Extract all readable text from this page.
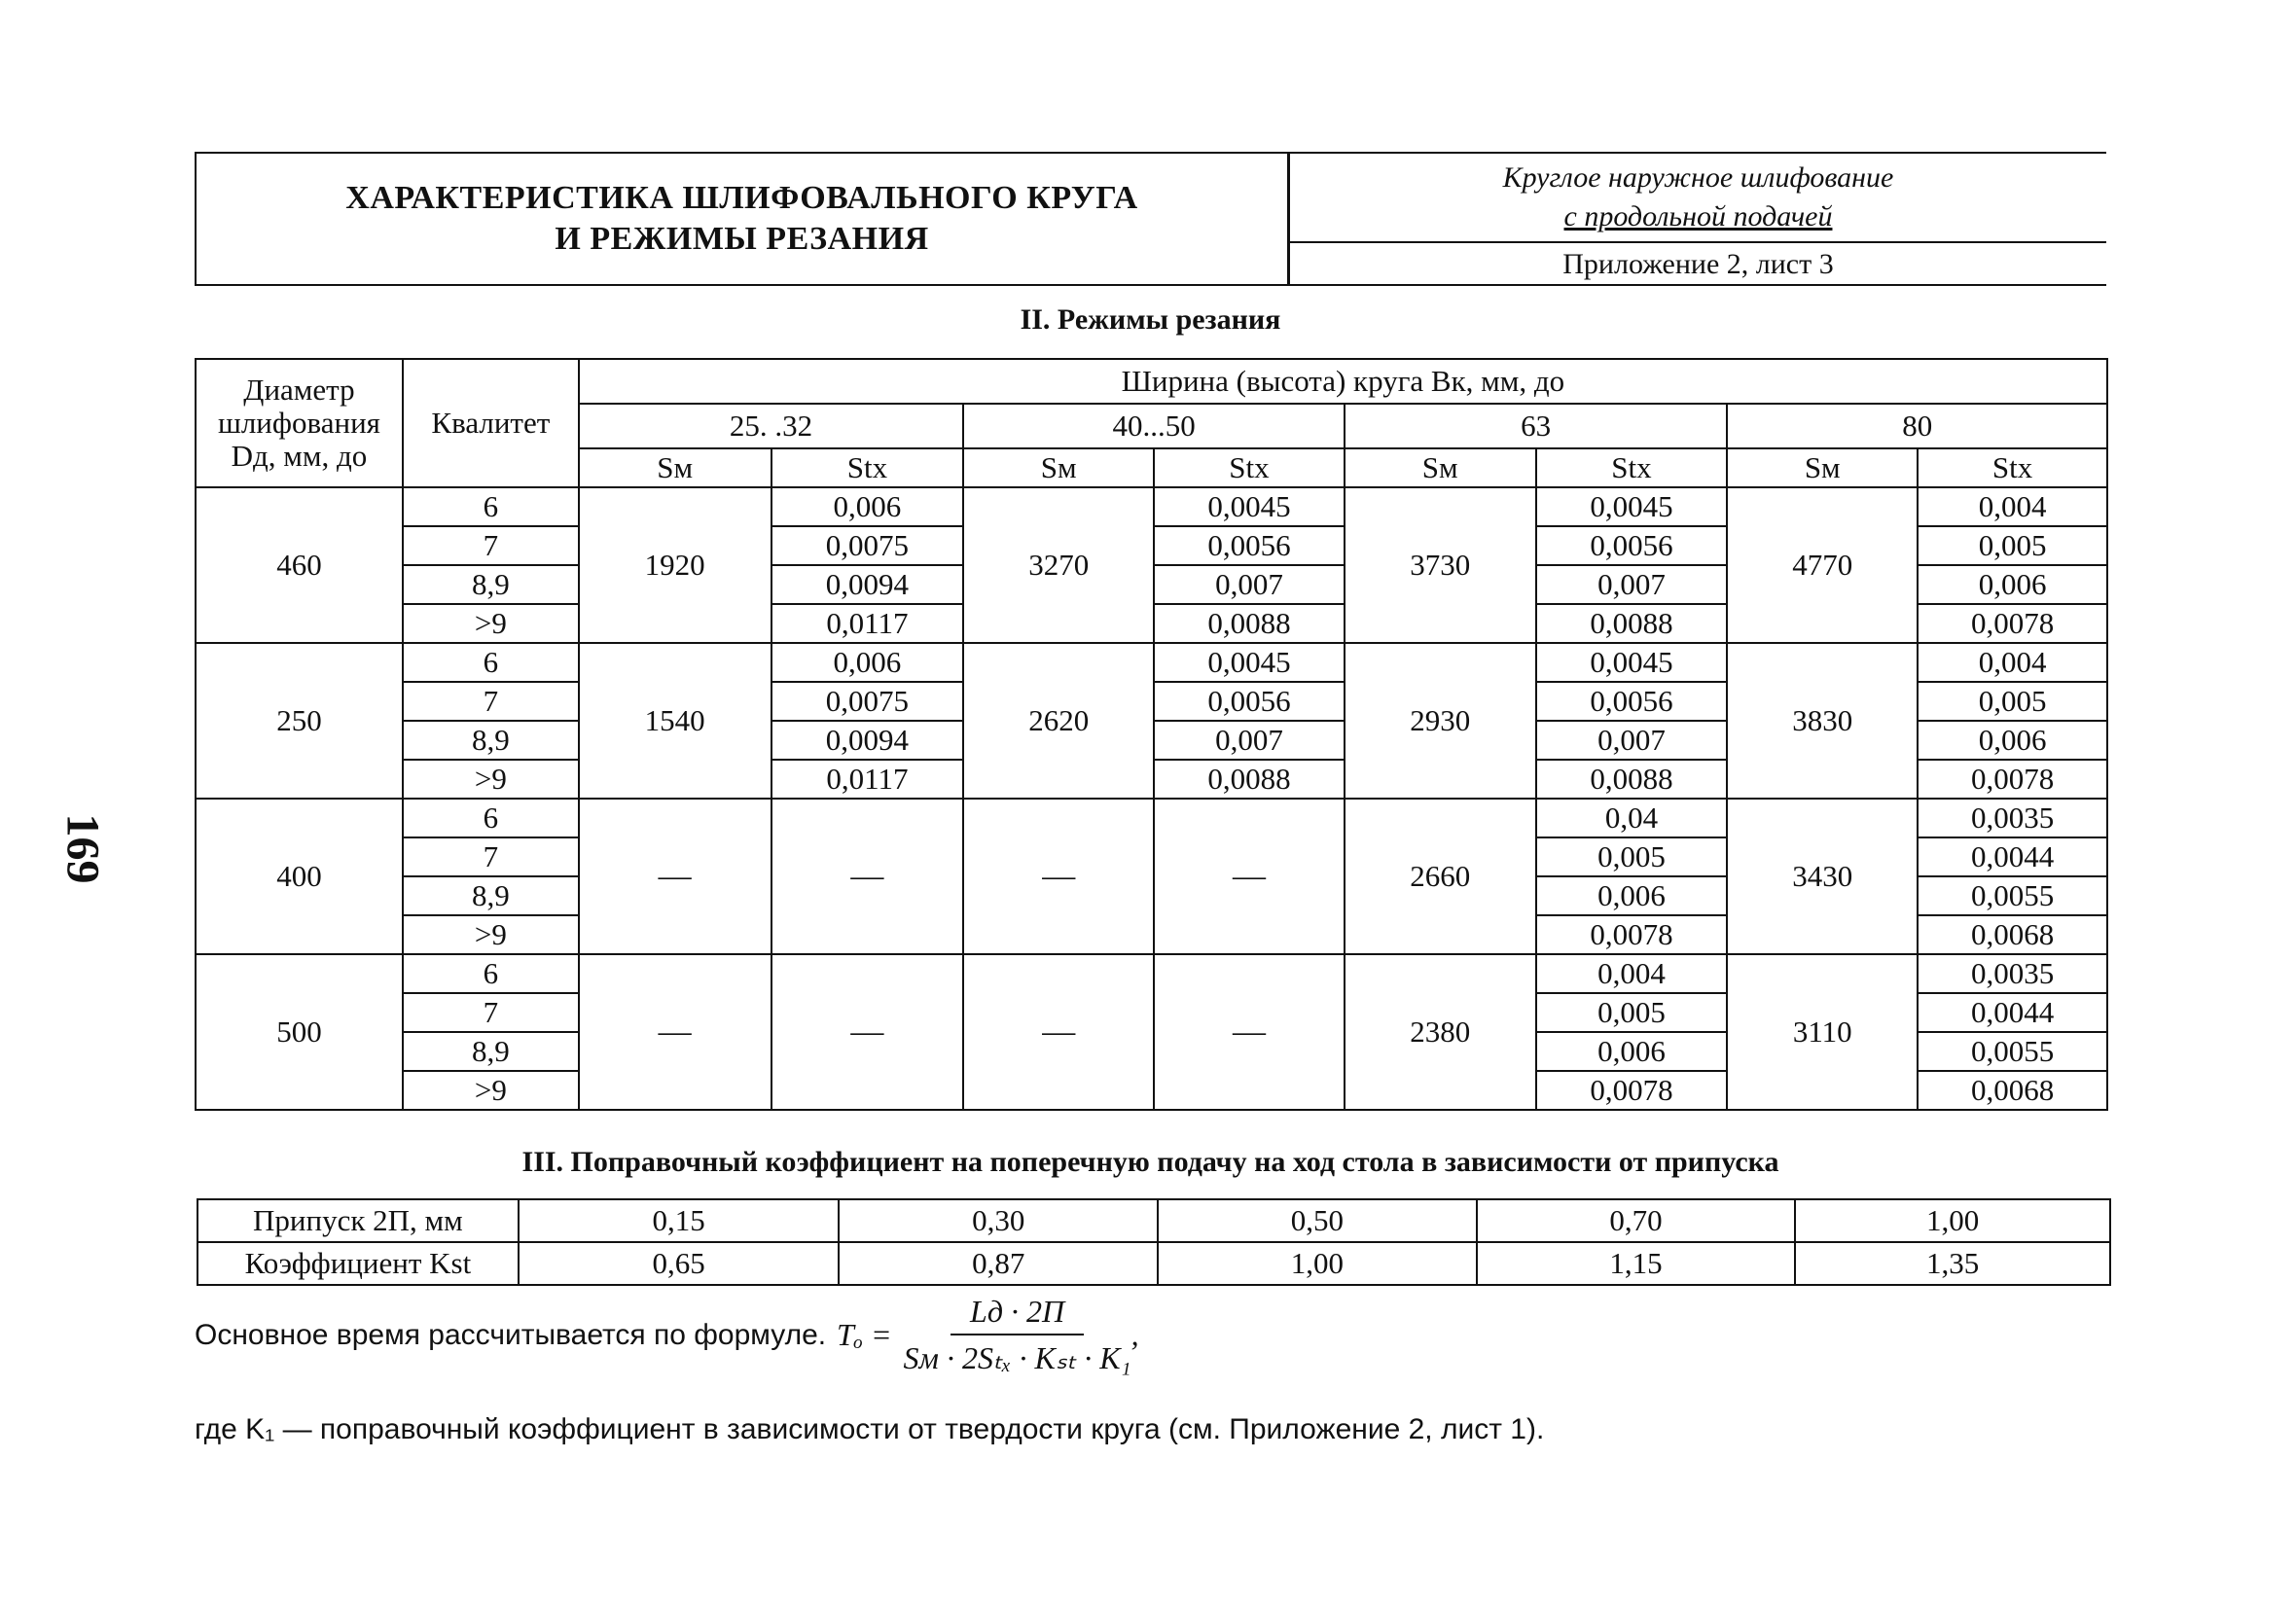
169
ХАРАКТЕРИСТИКА ШЛИФОВАЛЬНОГО КРУГА
И РЕЖИМЫ РЕЗАНИЯ
Круглое наружное шлифование
с продольной подачей
Приложение 2, лист 3
II. Режимы резания
Диаметр
шлифования
Dд, мм, до	Квалитет	Ширина (высота) круга Вк, мм, до							
		25. .32		40...50		63		80	
		Sм	Stx	Sм	Stx	Sм	Stx	Sм	Stx
460	6	1920	0,006	3270	0,0045	3730	0,0045	4770	0,004
	7		0,0075		0,0056		0,0056		0,005
	8,9		0,0094		0,007		0,007		0,006
	>9		0,0117		0,0088		0,0088		0,0078
250	6	1540	0,006	2620	0,0045	2930	0,0045	3830	0,004
	7		0,0075		0,0056		0,0056		0,005
	8,9		0,0094		0,007		0,007		0,006
	>9		0,0117		0,0088		0,0088		0,0078
400	6	—	—	—	—	2660	0,04	3430	0,0035
	7						0,005		0,0044
	8,9						0,006		0,0055
	>9						0,0078		0,0068
500	6	—	—	—	—	2380	0,004	3110	0,0035
	7						0,005		0,0044
	8,9						0,006		0,0055
	>9						0,0078		0,0068
III. Поправочный коэффициент на поперечную подачу на ход стола в зависимости от припуска
Припуск 2П, мм	0,15	0,30	0,50	0,70	1,00
Коэффициент Kst	0,65	0,87	1,00	1,15	1,35
Основное время рассчитывается по формуле. $T_o = \frac{Lд \cdot 2П}{\text{Sм · 2Sₜₓ · Kₛₜ · K₁}}$ ,
где K₁ — поправочный коэффициент в зависимости от твердости круга (см. Приложение 2, лист 1).
